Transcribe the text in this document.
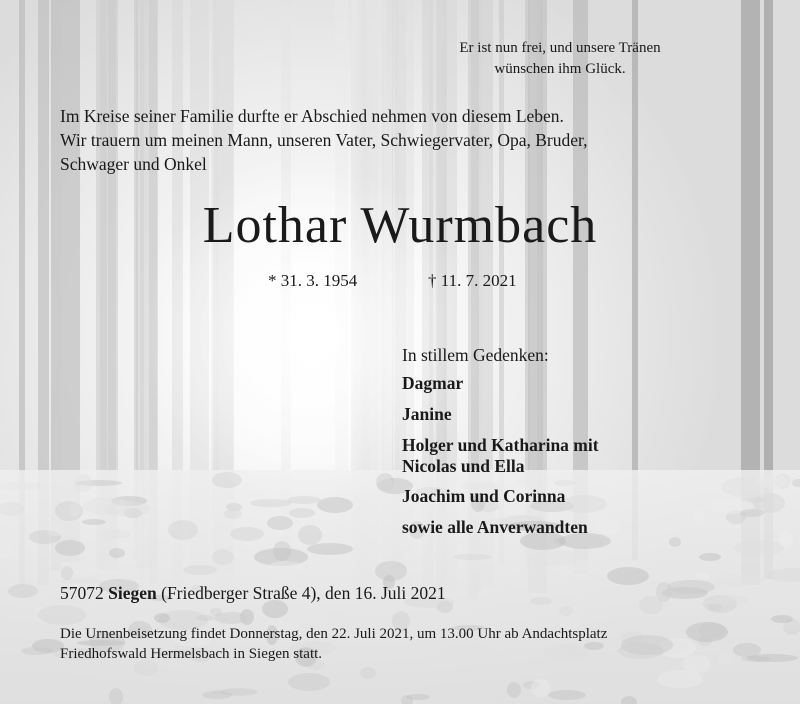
Er ist nun frei, und unsere Tränen
wünschen ihm Glück.

Im Kreise seiner Familie durfte er Abschied nehmen von diesem Leben.
Wir trauern um meinen Mann, unseren Vater, Schwiegervater, Opa, Bruder,
Schwager und Onkel

Lothar Wurmbach
* 31. 3. 1954	† 11. 7. 2021
In stillem Gedenken:
Dagmar
Janine
Holger und Katharina mit
Nicolas und Ella
Joachim und Corinna
sowie alle Anverwandten
57072 Siegen (Friedberger Straße 4), den 16. Juli 2021

Die Urnenbeisetzung findet Donnerstag, den 22. Juli 2021, um 13.00 Uhr ab Andachtsplatz
Friedhofswald Hermelsbach in Siegen statt.
